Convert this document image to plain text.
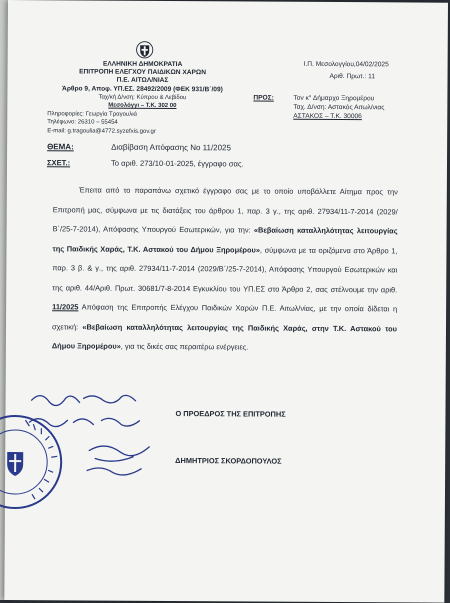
ΕΛΛΗΝΙΚΗ ΔΗΜΟΚΡΑΤΙΑ
ΕΠΙΤΡΟΠΗ ΕΛΕΓΧΟΥ ΠΑΙΔΙΚΩΝ ΧΑΡΩΝ
Π.Ε. ΑΙΤΩΛ/ΝΙΑΣ
Άρθρο 9, Αποφ. ΥΠ.ΕΣ. 28492/2009 (ΦΕΚ 931/Β΄/09)
Ταχ/κή Δ/νση: Κύπρου & Λεβίδου
Μεσολόγγι – Τ.Κ. 302 00
Πληροφορίες: Γεωργία Τραγουλιά
Τηλέφωνο: 26310 – 55454
E-mail: g.tragoulia@4772.syzefxis.gov.gr
Ι.Π. Μεσολογγίου,04/02/2025
Αριθ. Πρωτ.: 11
ΠΡΟΣ:	Τον κ° Δήμαρχο Ξηρομέρου
Ταχ. Δ/νση: Αστακός Αιτωλ/νιας
ΑΣΤΑΚΟΣ – Τ.Κ. 30006
ΘΕΜΑ:	Διαβίβαση Απόφασης Νο 11/2025
ΣΧΕΤ.:	Το αριθ. 273/10-01-2025, έγγραφο σας.

Έπειτα από το παραπάνω σχετικό έγγραφο σας με το οποίο υποβάλλετε Αίτημα προς την Επιτροπή μας, σύμφωνα με τις διατάξεις του άρθρου 1, παρ. 3 γ., της αριθ. 27934/11-7-2014 (2029/Β΄/25-7-2014), Απόφασης Υπουργού Εσωτερικών, για την: «Βεβαίωση καταλληλότητας λειτουργίας της Παιδικής Χαράς, Τ.Κ. Αστακού του Δήμου Ξηρομέρου», σύμφωνα με τα οριζόμενα στο Άρθρο 1, παρ. 3 β. & γ., της αριθ. 27934/11-7-2014 (2029/Β΄/25-7-2014), Απόφασης Υπουργού Εσωτερικών και της αριθ. 44/Αριθ. Πρωτ. 30681/7-8-2014 Εγκυκλίου του ΥΠ.ΕΣ στο Άρθρο 2, σας στέλνουμε την αριθ. 11/2025 Απόφαση της Επιτροπής Ελέγχου Παιδικών Χαρών Π.Ε. Αιτωλ/νίας, με την οποία δίδεται η σχετική: «Βεβαίωση καταλληλότητας λειτουργίας της Παιδικής Χαράς, στην Τ.Κ. Αστακού του Δήμου Ξηρομέρου», για τις δικές σας περαιτέρω ενέργειες.

Ο ΠΡΟΕΔΡΟΣ ΤΗΣ ΕΠΙΤΡΟΠΗΣ
ΔΗΜΗΤΡΙΟΣ ΣΚΟΡΔΟΠΟΥΛΟΣ
